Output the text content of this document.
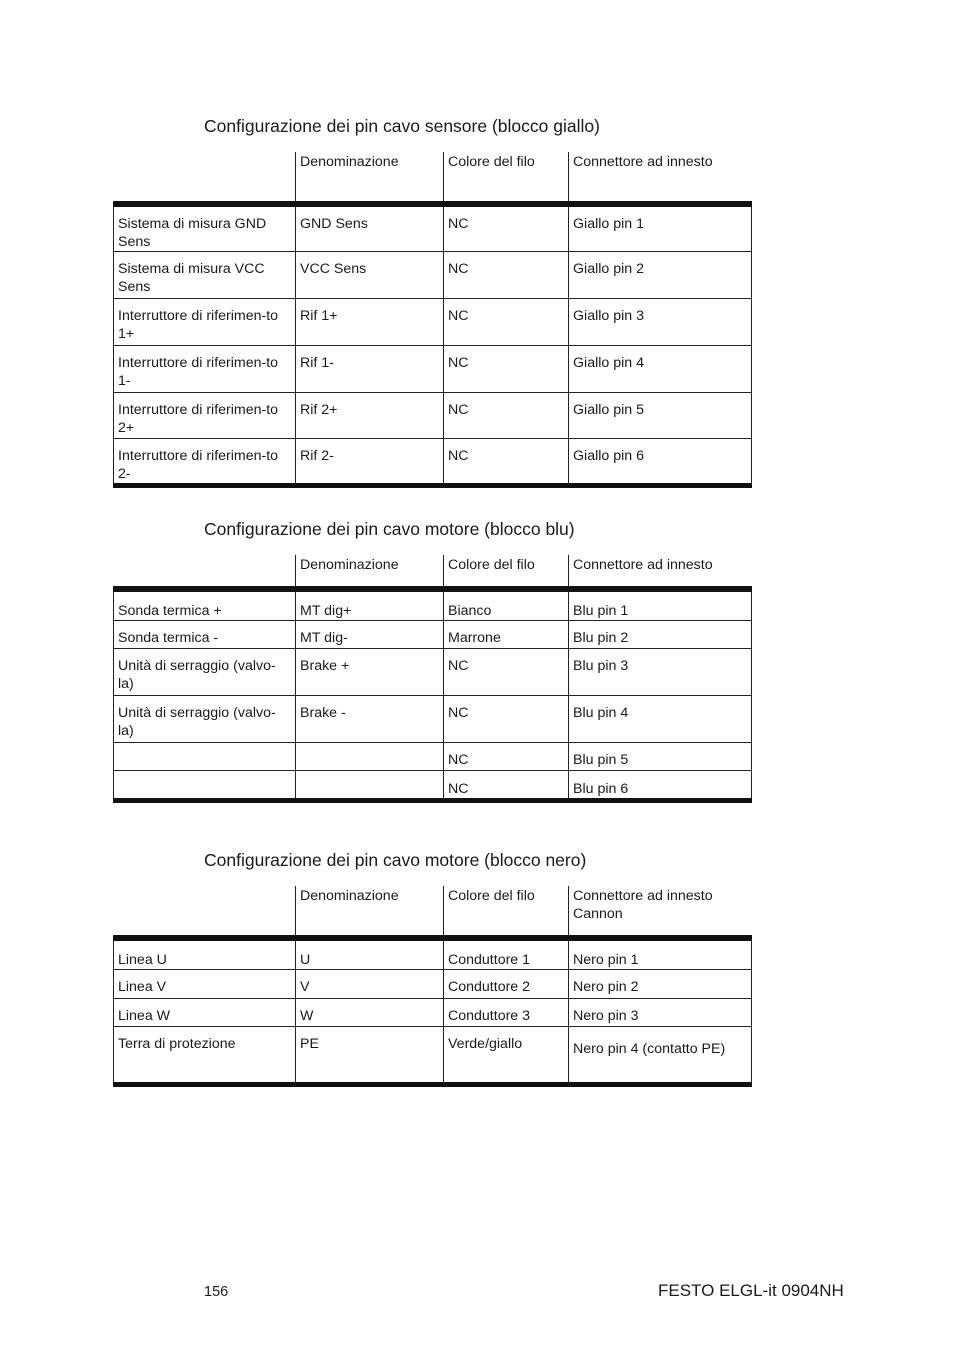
Configurazione dei pin cavo sensore (blocco giallo)
	Denominazione	Colore del filo	Connettore ad innesto
Sistema di misura GND Sens	GND Sens	NC	Giallo pin 1
Sistema di misura VCC Sens	VCC Sens	NC	Giallo pin 2
Interruttore di riferimen-to 1+	Rif 1+	NC	Giallo pin 3
Interruttore di riferimen-to 1-	Rif 1-	NC	Giallo pin 4
Interruttore di riferimen-to 2+	Rif 2+	NC	Giallo pin 5
Interruttore di riferimen-to 2-	Rif 2-	NC	Giallo pin 6
Configurazione dei pin cavo motore (blocco blu)
	Denominazione	Colore del filo	Connettore ad innesto
Sonda termica +	MT dig+	Bianco	Blu pin 1
Sonda termica -	MT dig-	Marrone	Blu pin 2
Unità di serraggio (valvo-la)	Brake +	NC	Blu pin 3
Unità di serraggio (valvo-la)	Brake -	NC	Blu pin 4
		NC	Blu pin 5
		NC	Blu pin 6
Configurazione dei pin cavo motore (blocco nero)
	Denominazione	Colore del filo	Connettore ad innesto Cannon
Linea U	U	Conduttore 1	Nero pin 1
Linea V	V	Conduttore 2	Nero pin 2
Linea W	W	Conduttore 3	Nero pin 3
Terra di protezione	PE	Verde/giallo	Nero pin 4 (contatto PE)
156	FESTO ELGL-it 0904NH
